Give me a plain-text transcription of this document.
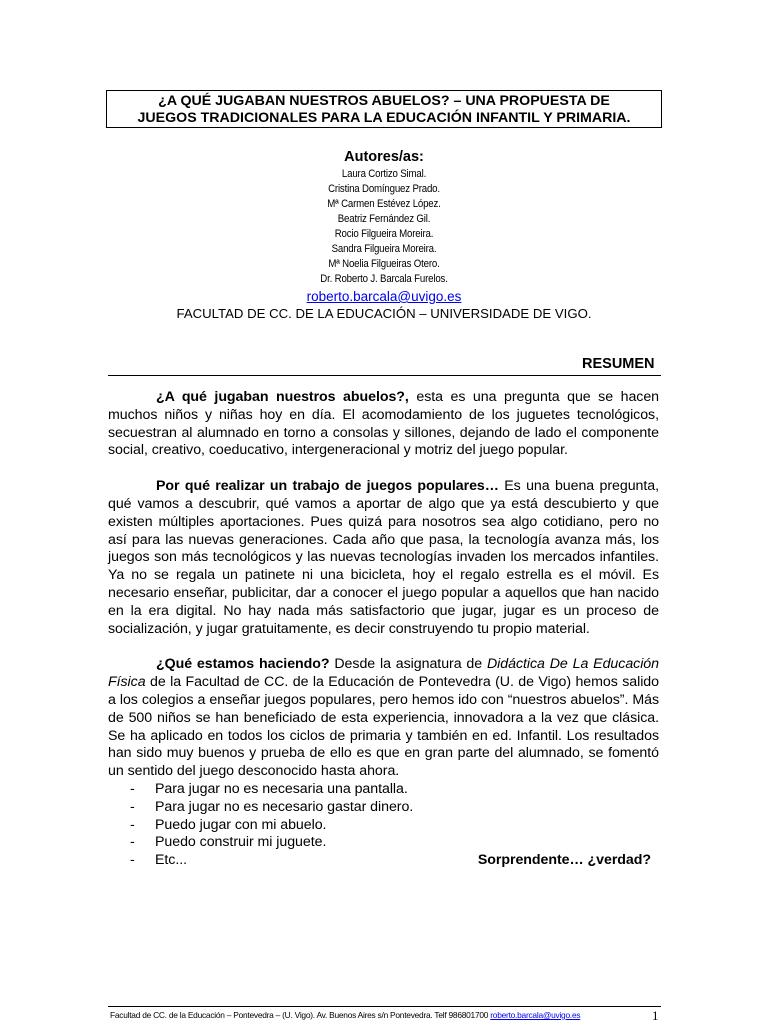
¿A QUÉ JUGABAN NUESTROS ABUELOS? – UNA PROPUESTA DE
JUEGOS TRADICIONALES PARA LA EDUCACIÓN INFANTIL Y PRIMARIA.
Autores/as:
Laura Cortizo Simal.
Cristina Domínguez Prado.
Mª Carmen Estévez López.
Beatriz Fernández Gil.
Rocio Filgueira Moreira.
Sandra Filgueira Moreira.
Mª Noelia Filgueiras Otero.
Dr. Roberto J. Barcala Furelos.
roberto.barcala@uvigo.es
FACULTAD DE CC. DE LA EDUCACIÓN – UNIVERSIDADE DE VIGO.
RESUMEN

¿A qué jugaban nuestros abuelos?, esta es una pregunta que se hacen muchos niños y niñas hoy en día. El acomodamiento de los juguetes tecnológicos, secuestran al alumnado en torno a consolas y sillones, dejando de lado el componente social, creativo, coeducativo, intergeneracional y motriz del juego popular.

Por qué realizar un trabajo de juegos populares… Es una buena pregunta, qué vamos a descubrir, qué vamos a aportar de algo que ya está descubierto y que existen múltiples aportaciones. Pues quizá para nosotros sea algo cotidiano, pero no así para las nuevas generaciones. Cada año que pasa, la tecnología avanza más, los juegos son más tecnológicos y las nuevas tecnologías invaden los mercados infantiles. Ya no se regala un patinete ni una bicicleta, hoy el regalo estrella es el móvil. Es necesario enseñar, publicitar, dar a conocer el juego popular a aquellos que han nacido en la era digital. No hay nada más satisfactorio que jugar, jugar es un proceso de socialización, y jugar gratuitamente, es decir construyendo tu propio material.

¿Qué estamos haciendo? Desde la asignatura de Didáctica De La Educación Física de la Facultad de CC. de la Educación de Pontevedra (U. de Vigo) hemos salido a los colegios a enseñar juegos populares, pero hemos ido con “nuestros abuelos”. Más de 500 niños se han beneficiado de esta experiencia, innovadora a la vez que clásica. Se ha aplicado en todos los ciclos de primaria y también en ed. Infantil. Los resultados han sido muy buenos y prueba de ello es que en gran parte del alumnado, se fomentó un sentido del juego desconocido hasta ahora.

- Para jugar no es necesaria una pantalla.
- Para jugar no es necesario gastar dinero.
- Puedo jugar con mi abuelo.
- Puedo construir mi juguete.
- Etc...	Sorprendente… ¿verdad?
Facultad de CC. de la Educación – Pontevedra – (U. Vigo). Av. Buenos Aires s/n Pontevedra. Telf 986801700 roberto.barcala@uvigo.es	1
